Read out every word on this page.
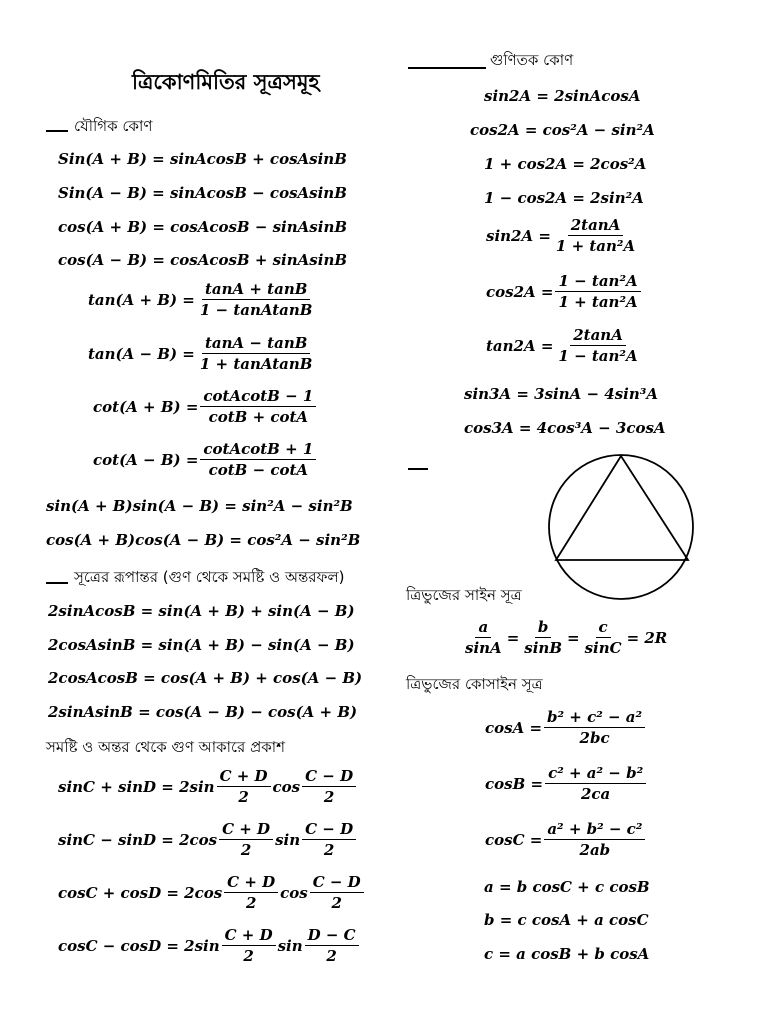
ত্রিকোণমিতির সূত্রসমূহ
যৌগিক কোণ
Sin(A + B) = sinAcosB + cosAsinB
Sin(A − B) = sinAcosB − cosAsinB
cos(A + B) = cosAcosB − sinAsinB
cos(A − B) = cosAcosB + sinAsinB
$\tan(A + B) = \frac{\tan A + \tan B}{\text{1 − tanAtanB}}$
$\tan(A - B) = \frac{\tan A - \tan B}{\text{1 + tanAtanB}}$
$\cot(A + B) = \frac{\text{cotAcotB − 1}}{\cot B + \cot A}$
$\cot(A - B) = \frac{\text{cotAcotB + 1}}{\cot B - \cot A}$
sin(A + B)sin(A − B) = sin²A − sin²B
cos(A + B)cos(A − B) = cos²A − sin²B
সূত্রের রূপান্তর (গুণ থেকে সমষ্টি ও অন্তরফল)
2sinAcosB = sin(A + B) + sin(A − B)
2cosAsinB = sin(A + B) − sin(A − B)
2cosAcosB = cos(A + B) + cos(A − B)
2sinAsinB = cos(A − B) − cos(A + B)
সমষ্টি ও অন্তর থেকে গুণ আকারে প্রকাশ
sinC + sinD = 2sin
C + D
2
cos
C − D
2
sinC − sinD = 2cos
C + D
2
sin
C − D
2
cosC + cosD = 2cos
C + D
2
cos
C − D
2
cosC − cosD = 2sin
C + D
2
sin
D − C
2
গুণিতক কোণ
sin2A = 2sinAcosA
cos2A = cos²A − sin²A
1 + cos2A = 2cos²A
1 − cos2A = 2sin²A
$\sin 2A = \frac{2\tan A}{\text{1 + tan²A}}$
$\cos 2A = \frac{\text{1 − tan²A}}{\text{1 + tan²A}}$
$\tan 2A = \frac{2\tan A}{\text{1 − tan²A}}$
sin3A = 3sinA − 4sin³A
cos3A = 4cos³A − 3cosA
ত্রিভুজের সাইন সূত্র
$\frac{a}{\sin A} = \frac{b}{\sin B} = \frac{c}{\sin C} = 2R$
ত্রিভুজের কোসাইন সূত্র
$\cos A = \frac{\text{b² + c² − a²}}{2bc}$
$\cos B = \frac{\text{c² + a² − b²}}{2ca}$
$\cos C = \frac{\text{a² + b² − c²}}{2ab}$
a = b cosC + c cosB
b = c cosA + a cosC
c = a cosB + b cosA
